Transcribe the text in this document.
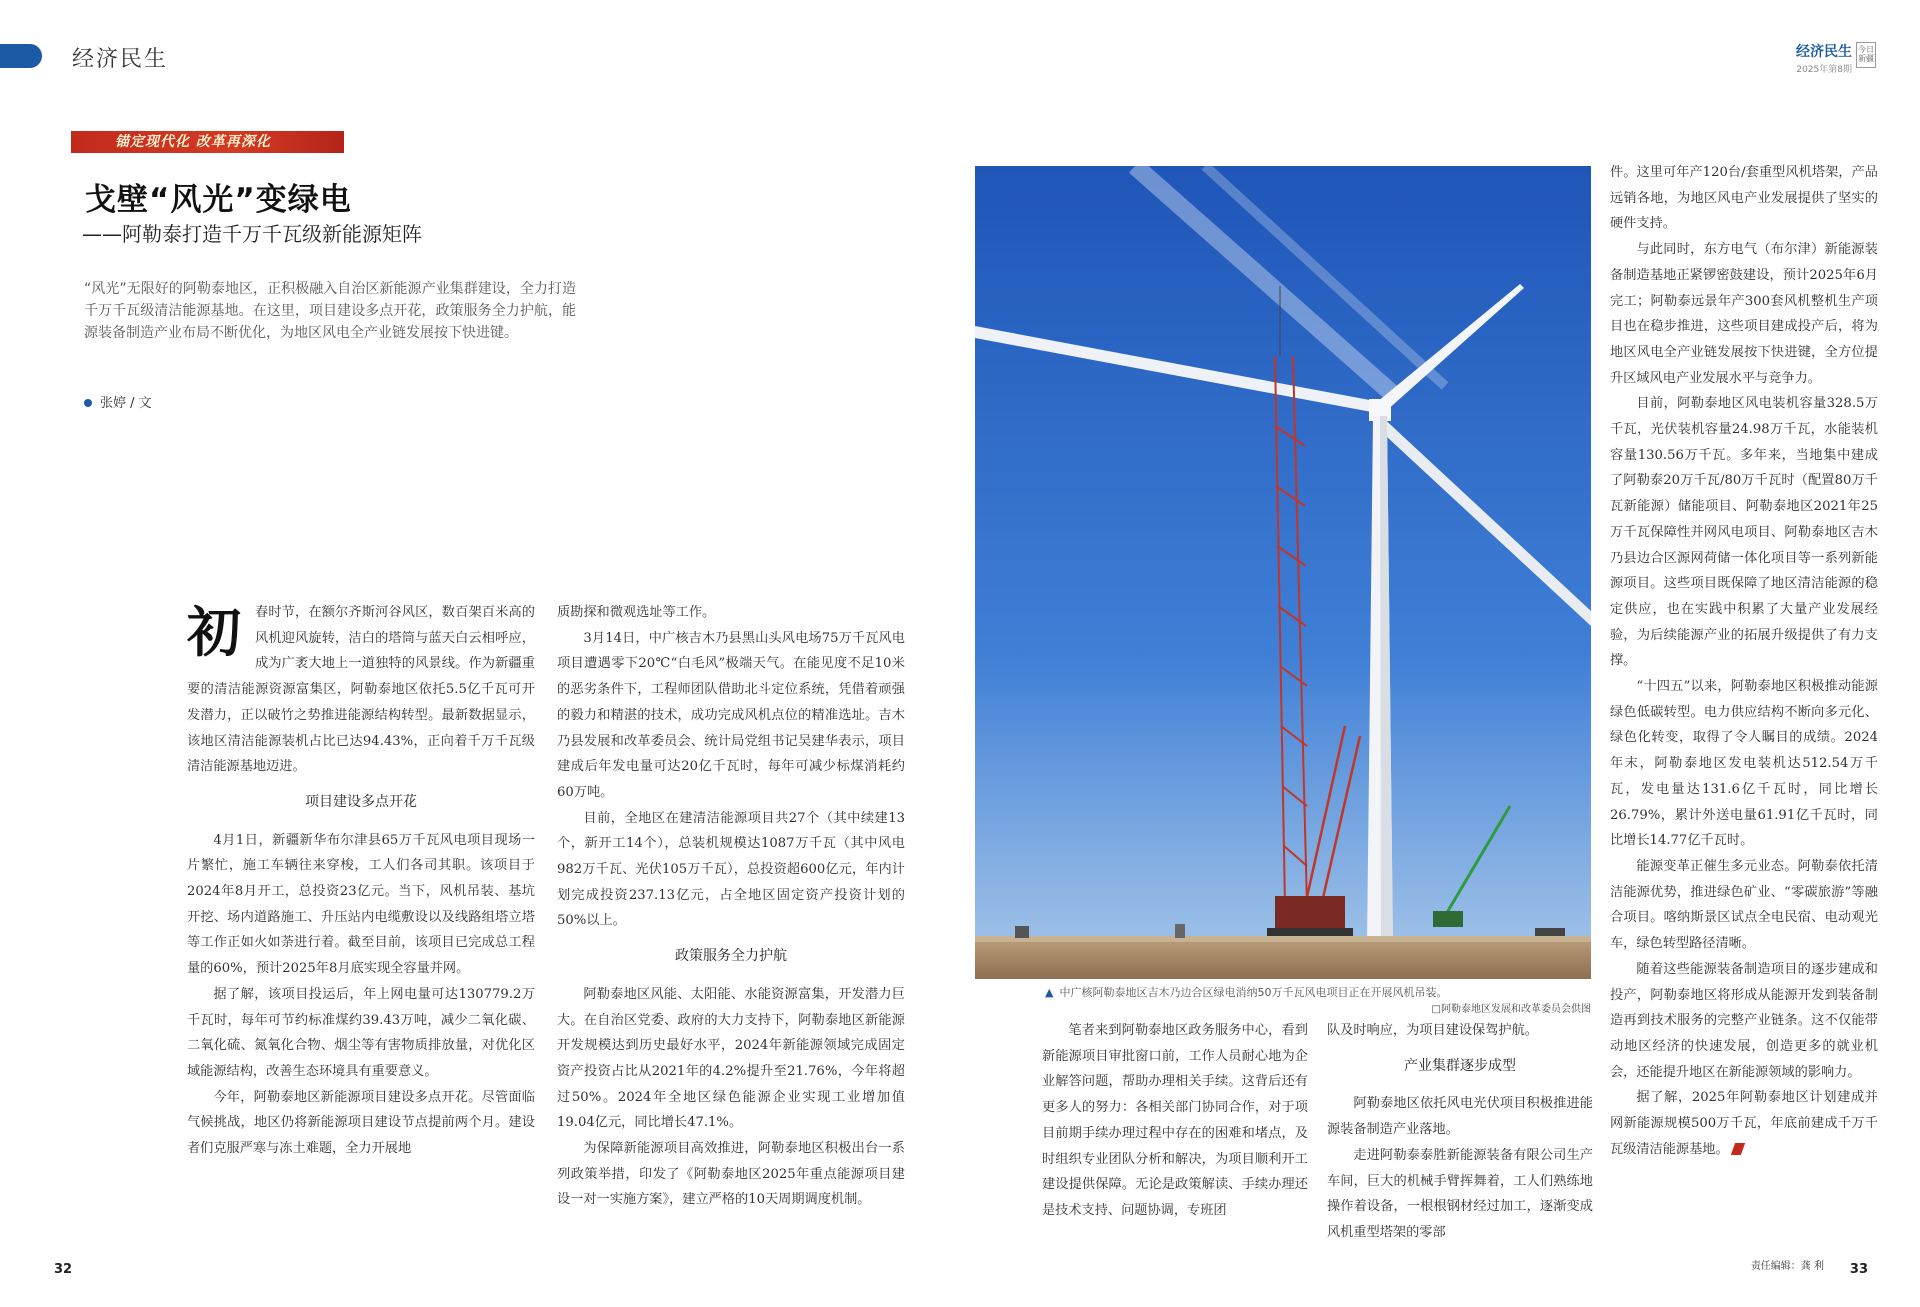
经济民生	经济民生
2025年第8期
今日新疆
锚定现代化 改革再深化
戈壁“风光”变绿电
——阿勒泰打造千万千瓦级新能源矩阵
“风光”无限好的阿勒泰地区，正积极融入自治区新能源产业集群建设，全力打造千万千瓦级清洁能源基地。在这里，项目建设多点开花，政策服务全力护航，能源装备制造产业布局不断优化，为地区风电全产业链发展按下快进键。
张婷 / 文
初	春时节，在额尔齐斯河谷风区，数百架百米高的风机迎风旋转，洁白的塔筒与蓝天白云相呼应，成为广袤大地上一道独特的风景线。作为新疆重要的清洁能源资源富集区，阿勒泰地区依托5.5亿千瓦可开发潜力，正以破竹之势推进能源结构转型。最新数据显示，该地区清洁能源装机占比已达94.43%，正向着千万千瓦级清洁能源基地迈进。

项目建设多点开花

4月1日，新疆新华布尔津县65万千瓦风电项目现场一片繁忙，施工车辆往来穿梭，工人们各司其职。该项目于2024年8月开工，总投资23亿元。当下，风机吊装、基坑开挖、场内道路施工、升压站内电缆敷设以及线路组塔立塔等工作正如火如荼进行着。截至目前，该项目已完成总工程量的60%，预计2025年8月底实现全容量并网。

据了解，该项目投运后，年上网电量可达130779.2万千瓦时，每年可节约标准煤约39.43万吨，减少二氧化碳、二氧化硫、氮氧化合物、烟尘等有害物质排放量，对优化区域能源结构，改善生态环境具有重要意义。

今年，阿勒泰地区新能源项目建设多点开花。尽管面临气候挑战，地区仍将新能源项目建设节点提前两个月。建设者们克服严寒与冻土难题，全力开展地

质勘探和微观选址等工作。

3月14日，中广核吉木乃县黑山头风电场75万千瓦风电项目遭遇零下20℃“白毛风”极端天气。在能见度不足10米的恶劣条件下，工程师团队借助北斗定位系统，凭借着顽强的毅力和精湛的技术，成功完成风机点位的精准选址。吉木乃县发展和改革委员会、统计局党组书记吴建华表示，项目建成后年发电量可达20亿千瓦时，每年可减少标煤消耗约60万吨。

目前，全地区在建清洁能源项目共27个（其中续建13个，新开工14个），总装机规模达1087万千瓦（其中风电982万千瓦、光伏105万千瓦），总投资超600亿元，年内计划完成投资237.13亿元，占全地区固定资产投资计划的50%以上。

政策服务全力护航

阿勒泰地区风能、太阳能、水能资源富集，开发潜力巨大。在自治区党委、政府的大力支持下，阿勒泰地区新能源开发规模达到历史最好水平，2024年新能源领域完成固定资产投资占比从2021年的4.2%提升至21.76%，今年将超过50%。2024年全地区绿色能源企业实现工业增加值19.04亿元，同比增长47.1%。

为保障新能源项目高效推进，阿勒泰地区积极出台一系列政策举措，印发了《阿勒泰地区2025年重点能源项目建设一对一实施方案》，建立严格的10天周期调度机制。

▲ 中广核阿勒泰地区吉木乃边合区绿电消纳50万千瓦风电项目正在开展风机吊装。
□阿勒泰地区发展和改革委员会供图

笔者来到阿勒泰地区政务服务中心，看到新能源项目审批窗口前，工作人员耐心地为企业解答问题，帮助办理相关手续。这背后还有更多人的努力：各相关部门协同合作，对于项目前期手续办理过程中存在的困难和堵点，及时组织专业团队分析和解决，为项目顺利开工建设提供保障。无论是政策解读、手续办理还是技术支持、问题协调，专班团

队及时响应，为项目建设保驾护航。

产业集群逐步成型

阿勒泰地区依托风电光伏项目积极推进能源装备制造产业落地。

走进阿勒泰泰胜新能源装备有限公司生产车间，巨大的机械手臂挥舞着，工人们熟练地操作着设备，一根根钢材经过加工，逐渐变成风机重型塔架的零部

件。这里可年产120台/套重型风机塔架，产品远销各地，为地区风电产业发展提供了坚实的硬件支持。

与此同时，东方电气（布尔津）新能源装备制造基地正紧锣密鼓建设，预计2025年6月完工；阿勒泰远景年产300套风机整机生产项目也在稳步推进，这些项目建成投产后，将为地区风电全产业链发展按下快进键，全方位提升区域风电产业发展水平与竞争力。

目前，阿勒泰地区风电装机容量328.5万千瓦，光伏装机容量24.98万千瓦，水能装机容量130.56万千瓦。多年来，当地集中建成了阿勒泰20万千瓦/80万千瓦时（配置80万千瓦新能源）储能项目、阿勒泰地区2021年25万千瓦保障性并网风电项目、阿勒泰地区吉木乃县边合区源网荷储一体化项目等一系列新能源项目。这些项目既保障了地区清洁能源的稳定供应，也在实践中积累了大量产业发展经验，为后续能源产业的拓展升级提供了有力支撑。

“十四五”以来，阿勒泰地区积极推动能源绿色低碳转型。电力供应结构不断向多元化、绿色化转变，取得了令人瞩目的成绩。2024年末，阿勒泰地区发电装机达512.54万千瓦，发电量达131.6亿千瓦时，同比增长26.79%，累计外送电量61.91亿千瓦时，同比增长14.77亿千瓦时。

能源变革正催生多元业态。阿勒泰依托清洁能源优势，推进绿色矿业、“零碳旅游”等融合项目。喀纳斯景区试点全电民宿、电动观光车，绿色转型路径清晰。

随着这些能源装备制造项目的逐步建成和投产，阿勒泰地区将形成从能源开发到装备制造再到技术服务的完整产业链条。这不仅能带动地区经济的快速发展，创造更多的就业机会，还能提升地区在新能源领域的影响力。

据了解，2025年阿勒泰地区计划建成并网新能源规模500万千瓦，年底前建成千万千瓦级清洁能源基地。

32	33
责任编辑：龚 利
